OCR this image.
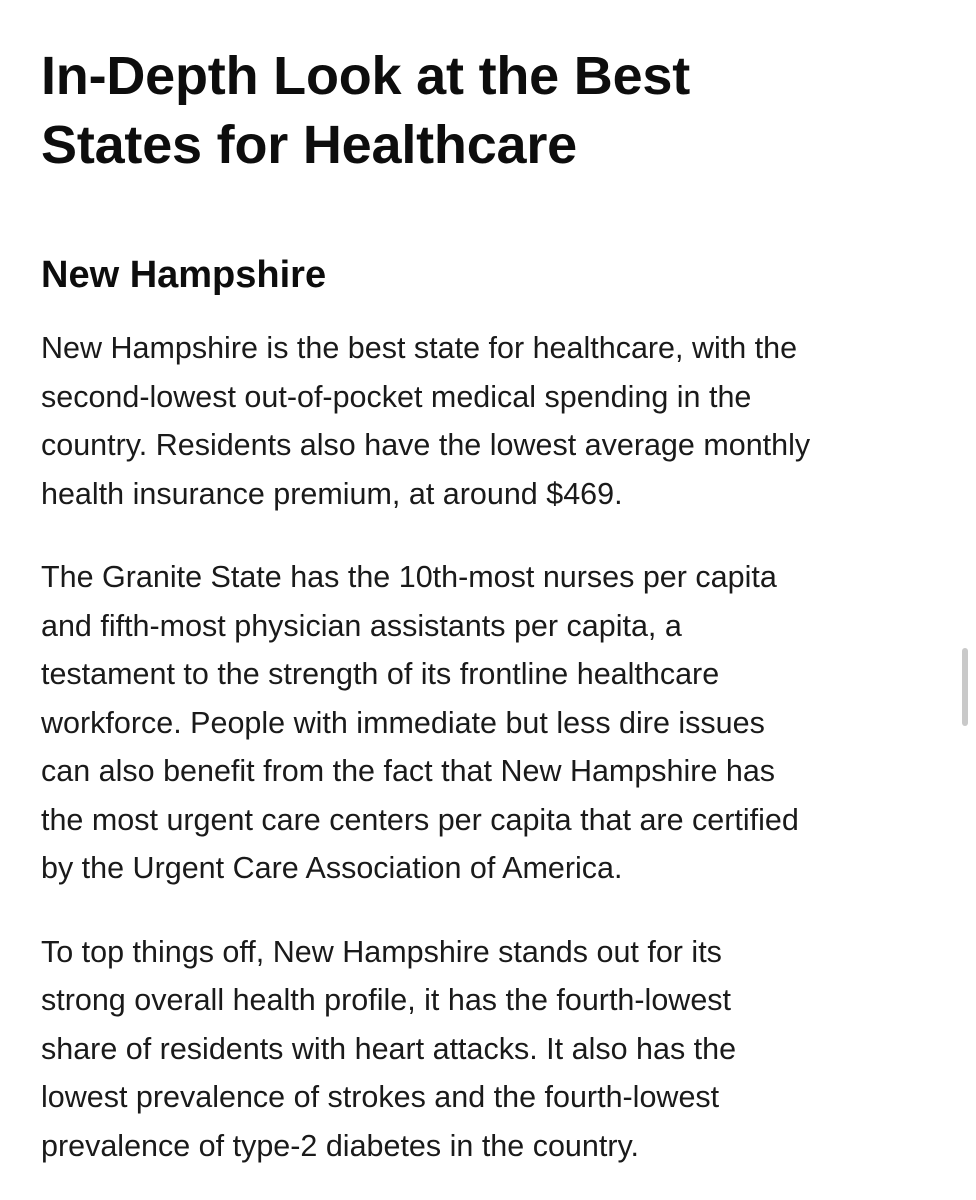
In-Depth Look at the Best
States for Healthcare
New Hampshire

New Hampshire is the best state for healthcare, with the
second-lowest out-of-pocket medical spending in the
country. Residents also have the lowest average monthly
health insurance premium, at around $469.

The Granite State has the 10th-most nurses per capita
and fifth-most physician assistants per capita, a
testament to the strength of its frontline healthcare
workforce. People with immediate but less dire issues
can also benefit from the fact that New Hampshire has
the most urgent care centers per capita that are certified
by the Urgent Care Association of America.

To top things off, New Hampshire stands out for its
strong overall health profile, it has the fourth-lowest
share of residents with heart attacks. It also has the
lowest prevalence of strokes and the fourth-lowest
prevalence of type-2 diabetes in the country.
